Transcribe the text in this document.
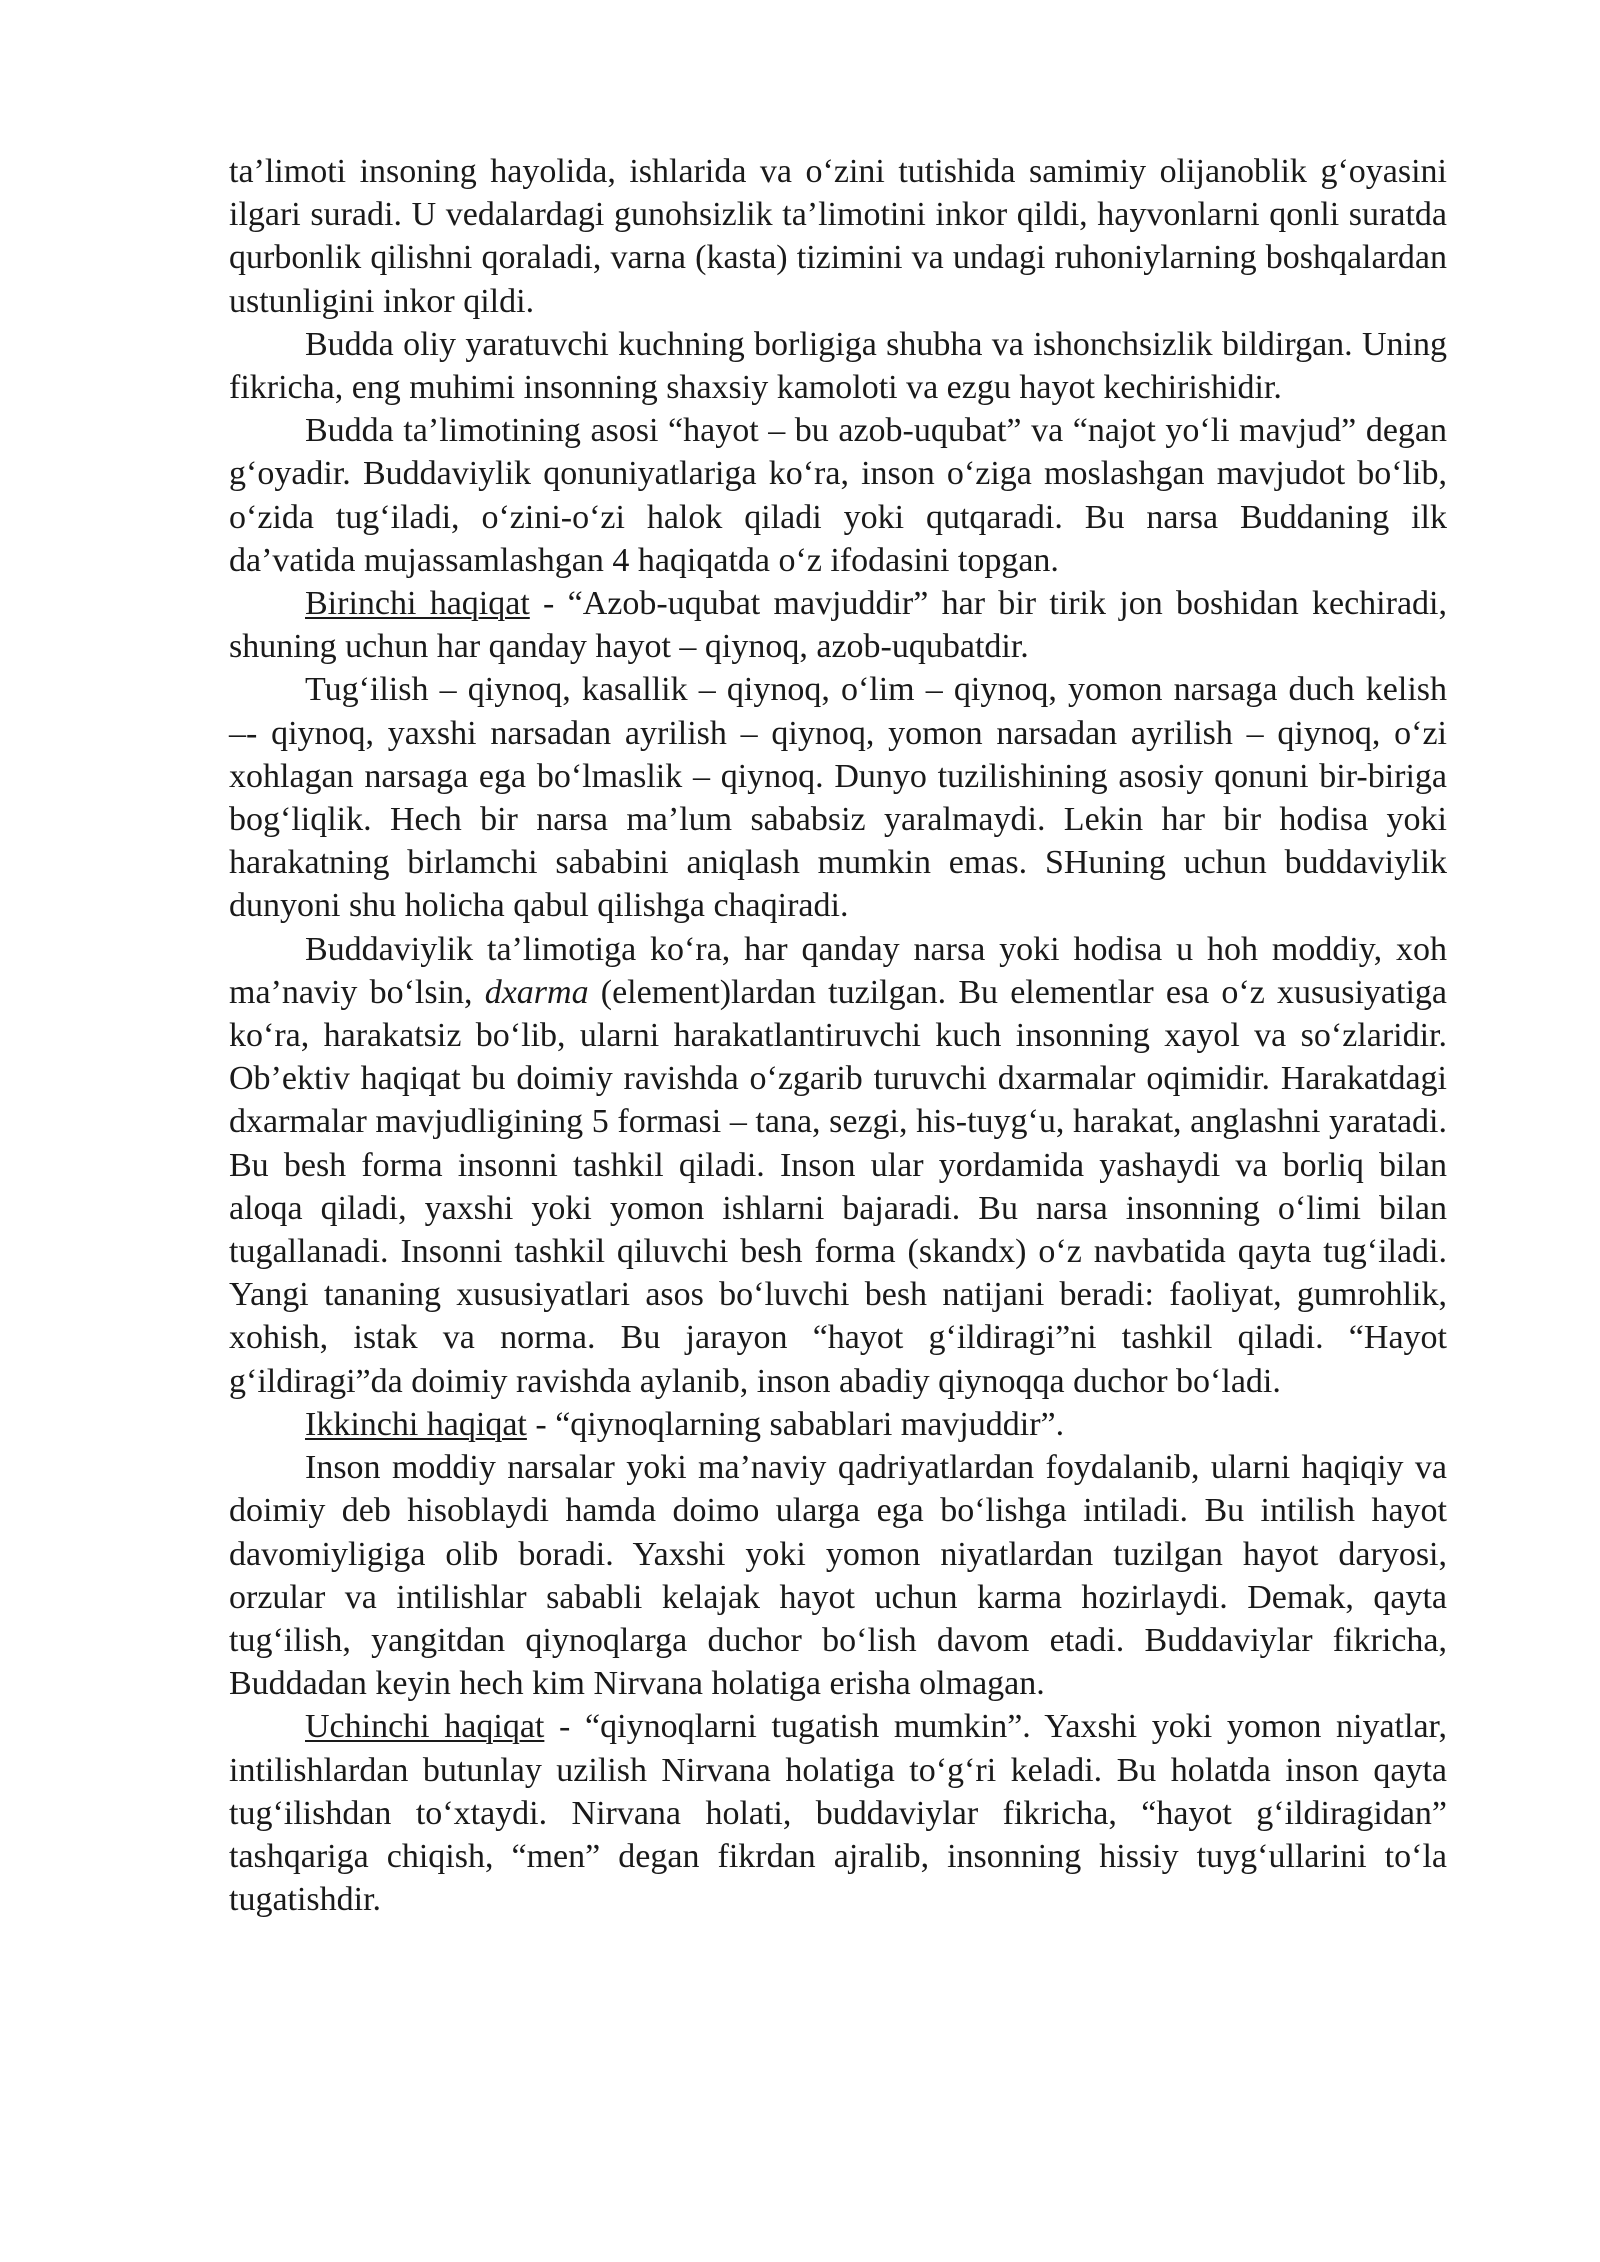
ta’limoti insoning hayolida, ishlarida va o‘zini tutishida samimiy olijanoblik g‘oyasini ilgari suradi. U vedalardagi gunohsizlik ta’limotini inkor qildi, hayvonlarni qonli suratda qurbonlik qilishni qoraladi, varna (kasta) tizimini va undagi ruhoniylarning boshqalardan ustunligini inkor qildi.

Budda oliy yaratuvchi kuchning borligiga shubha va ishonchsizlik bildirgan. Uning fikricha, eng muhimi insonning shaxsiy kamoloti va ezgu hayot kechirishidir.

Budda ta’limotining asosi “hayot – bu azob-uqubat” va “najot yo‘li mavjud” degan g‘oyadir. Buddaviylik qonuniyatlariga ko‘ra, inson o‘ziga moslashgan mavjudot bo‘lib, o‘zida tug‘iladi, o‘zini-o‘zi halok qiladi yoki qutqaradi. Bu narsa Buddaning ilk da’vatida mujassamlashgan 4 haqiqatda o‘z ifodasini topgan.

Birinchi haqiqat - “Azob-uqubat mavjuddir” har bir tirik jon boshidan kechiradi, shuning uchun har qanday hayot – qiynoq, azob-uqubatdir.

Tug‘ilish – qiynoq, kasallik – qiynoq, o‘lim – qiynoq, yomon narsaga duch kelish –- qiynoq, yaxshi narsadan ayrilish – qiynoq, yomon narsadan ayrilish – qiynoq, o‘zi xohlagan narsaga ega bo‘lmaslik – qiynoq. Dunyo tuzilishining asosiy qonuni bir-biriga bog‘liqlik. Hech bir narsa ma’lum sababsiz yaralmaydi. Lekin har bir hodisa yoki harakatning birlamchi sababini aniqlash mumkin emas. SHuning uchun buddaviylik dunyoni shu holicha qabul qilishga chaqiradi.

Buddaviylik ta’limotiga ko‘ra, har qanday narsa yoki hodisa u hoh moddiy, xoh ma’naviy bo‘lsin, dxarma (element)lardan tuzilgan. Bu elementlar esa o‘z xususiyatiga ko‘ra, harakatsiz bo‘lib, ularni harakatlantiruvchi kuch insonning xayol va so‘zlaridir. Ob’ektiv haqiqat bu doimiy ravishda o‘zgarib turuvchi dxarmalar oqimidir. Harakatdagi dxarmalar mavjudligining 5 formasi – tana, sezgi, his-tuyg‘u, harakat, anglashni yaratadi. Bu besh forma insonni tashkil qiladi. Inson ular yordamida yashaydi va borliq bilan aloqa qiladi, yaxshi yoki yomon ishlarni bajaradi. Bu narsa insonning o‘limi bilan tugallanadi. Insonni tashkil qiluvchi besh forma (skandx) o‘z navbatida qayta tug‘iladi. Yangi tananing xususiyatlari asos bo‘luvchi besh natijani beradi: faoliyat, gumrohlik, xohish, istak va norma. Bu jarayon “hayot g‘ildiragi”ni tashkil qiladi. “Hayot g‘ildiragi”da doimiy ravishda aylanib, inson abadiy qiynoqqa duchor bo‘ladi.

Ikkinchi haqiqat - “qiynoqlarning sabablari mavjuddir”.

Inson moddiy narsalar yoki ma’naviy qadriyatlardan foydalanib, ularni haqiqiy va doimiy deb hisoblaydi hamda doimo ularga ega bo‘lishga intiladi. Bu intilish hayot davomiyligiga olib boradi. Yaxshi yoki yomon niyatlardan tuzilgan hayot daryosi, orzular va intilishlar sababli kelajak hayot uchun karma hozirlaydi. Demak, qayta tug‘ilish, yangitdan qiynoqlarga duchor bo‘lish davom etadi. Buddaviylar fikricha, Buddadan keyin hech kim Nirvana holatiga erisha olmagan.

Uchinchi haqiqat - “qiynoqlarni tugatish mumkin”. Yaxshi yoki yomon niyatlar, intilishlardan butunlay uzilish Nirvana holatiga to‘g‘ri keladi. Bu holatda inson qayta tug‘ilishdan to‘xtaydi. Nirvana holati, buddaviylar fikricha, “hayot g‘ildiragidan” tashqariga chiqish, “men” degan fikrdan ajralib, insonning hissiy tuyg‘ullarini to‘la tugatishdir.
